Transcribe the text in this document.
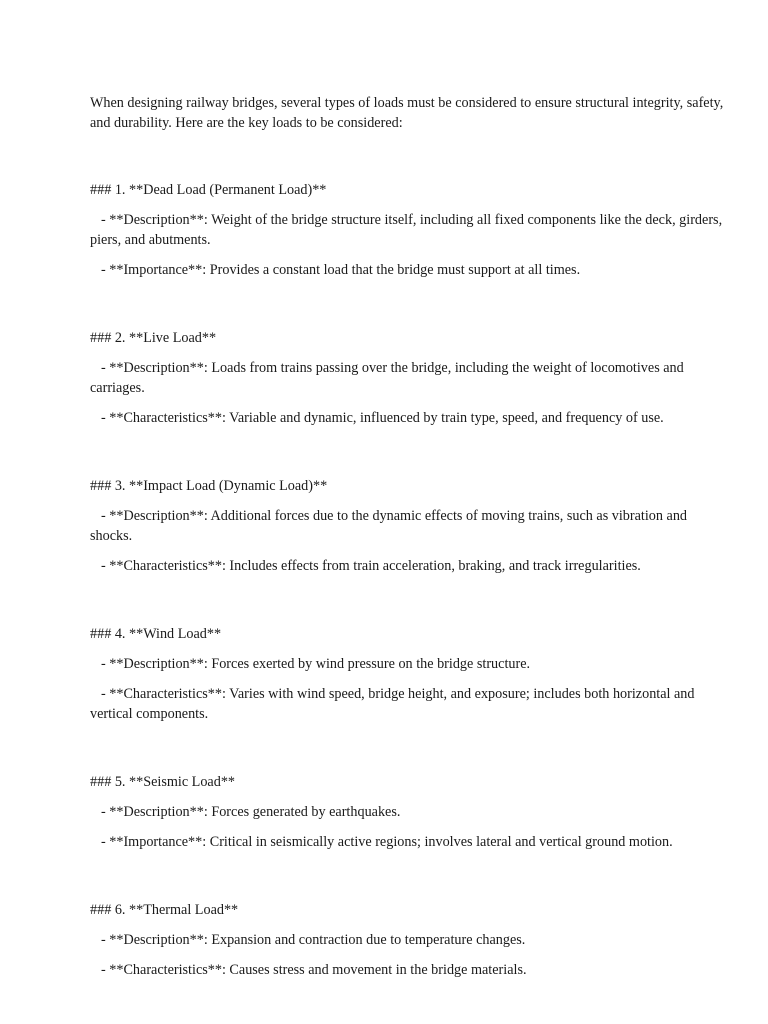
When designing railway bridges, several types of loads must be considered to ensure structural integrity, safety, and durability. Here are the key loads to be considered:

### 1. **Dead Load (Permanent Load)**

- **Description**: Weight of the bridge structure itself, including all fixed components like the deck, girders, piers, and abutments.

- **Importance**: Provides a constant load that the bridge must support at all times.

### 2. **Live Load**

- **Description**: Loads from trains passing over the bridge, including the weight of locomotives and carriages.

- **Characteristics**: Variable and dynamic, influenced by train type, speed, and frequency of use.

### 3. **Impact Load (Dynamic Load)**

- **Description**: Additional forces due to the dynamic effects of moving trains, such as vibration and shocks.

- **Characteristics**: Includes effects from train acceleration, braking, and track irregularities.

### 4. **Wind Load**

- **Description**: Forces exerted by wind pressure on the bridge structure.

- **Characteristics**: Varies with wind speed, bridge height, and exposure; includes both horizontal and vertical components.

### 5. **Seismic Load**

- **Description**: Forces generated by earthquakes.

- **Importance**: Critical in seismically active regions; involves lateral and vertical ground motion.

### 6. **Thermal Load**

- **Description**: Expansion and contraction due to temperature changes.

- **Characteristics**: Causes stress and movement in the bridge materials.
